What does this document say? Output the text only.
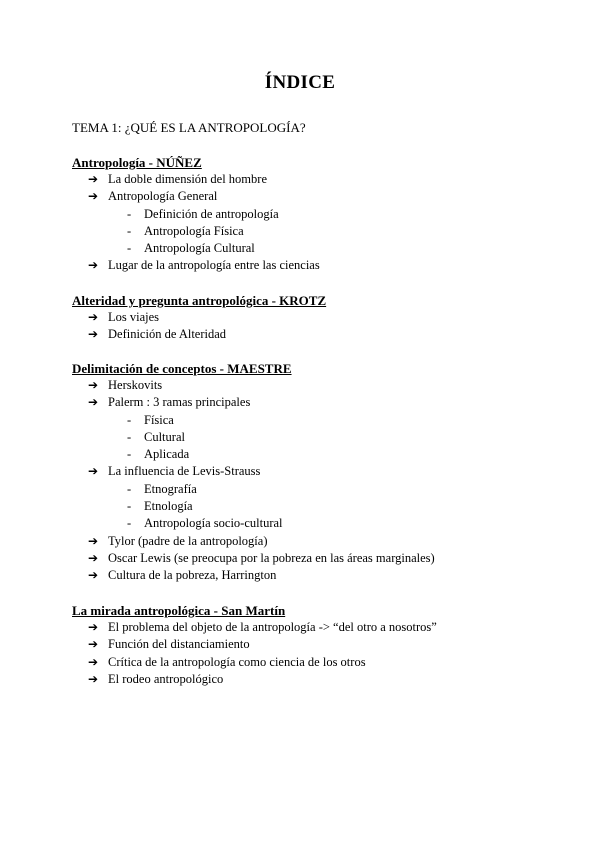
ÍNDICE
TEMA 1: ¿QUÉ ES LA ANTROPOLOGÍA?
Antropología - NÚÑEZ
➔ La doble dimensión del hombre
➔ Antropología General
- Definición de antropología
- Antropología Física
- Antropología Cultural
➔ Lugar de la antropología entre las ciencias
Alteridad y pregunta antropológica - KROTZ
➔ Los viajes
➔ Definición de Alteridad
Delimitación de conceptos - MAESTRE
➔ Herskovits
➔ Palerm : 3 ramas principales
- Física
- Cultural
- Aplicada
➔ La influencia de Levis-Strauss
- Etnografía
- Etnología
- Antropología socio-cultural
➔ Tylor (padre de la antropología)
➔ Oscar Lewis (se preocupa por la pobreza en las áreas marginales)
➔ Cultura de la pobreza, Harrington
La mirada antropológica - San Martín
➔ El problema del objeto de la antropología -> “del otro a nosotros”
➔ Función del distanciamiento
➔ Crítica de la antropología como ciencia de los otros
➔ El rodeo antropológico
